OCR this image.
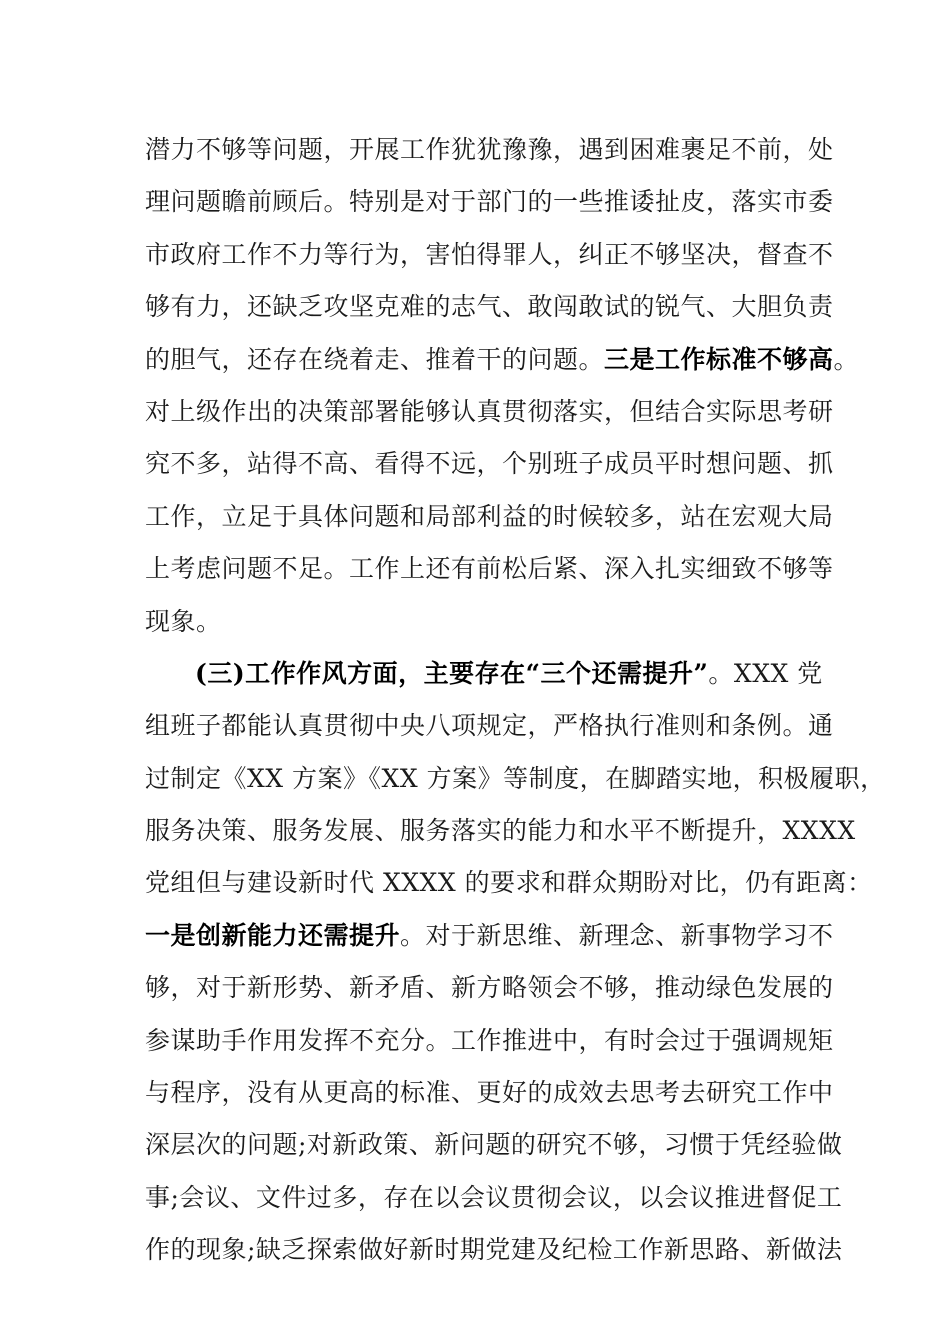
潜力不够等问题，开展工作犹犹豫豫，遇到困难裹足不前，处
理问题瞻前顾后。特别是对于部门的一些推诿扯皮，落实市委
市政府工作不力等行为，害怕得罪人，纠正不够坚决，督查不
够有力，还缺乏攻坚克难的志气、敢闯敢试的锐气、大胆负责
的胆气，还存在绕着走、推着干的问题。三是工作标准不够高。
对上级作出的决策部署能够认真贯彻落实，但结合实际思考研
究不多，站得不高、看得不远，个别班子成员平时想问题、抓
工作，立足于具体问题和局部利益的时候较多，站在宏观大局
上考虑问题不足。工作上还有前松后紧、深入扎实细致不够等
现象。
(三)工作作风方面，主要存在“三个还需提升”。XXX 党
组班子都能认真贯彻中央八项规定，严格执行准则和条例。通
过制定《XX 方案》《XX 方案》等制度，在脚踏实地，积极履职，
服务决策、服务发展、服务落实的能力和水平不断提升，XXXX
党组但与建设新时代 XXXX 的要求和群众期盼对比，仍有距离：
一是创新能力还需提升。对于新思维、新理念、新事物学习不
够，对于新形势、新矛盾、新方略领会不够，推动绿色发展的
参谋助手作用发挥不充分。工作推进中，有时会过于强调规矩
与程序，没有从更高的标准、更好的成效去思考去研究工作中
深层次的问题;对新政策、新问题的研究不够，习惯于凭经验做
事;会议、文件过多，存在以会议贯彻会议，以会议推进督促工
作的现象;缺乏探索做好新时期党建及纪检工作新思路、新做法
